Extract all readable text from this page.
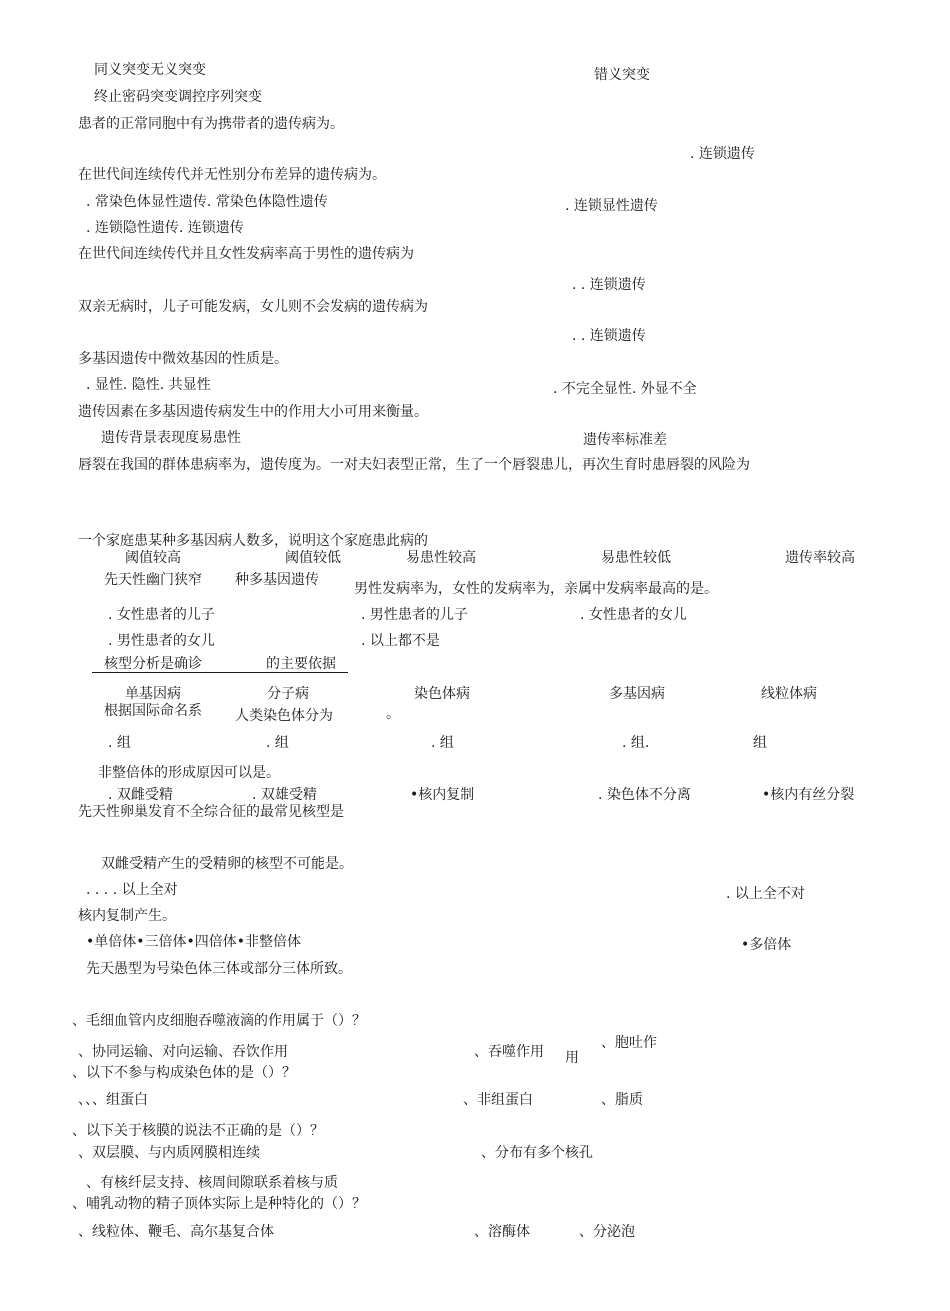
同义突变无义突变	错义突变
终止密码突变调控序列突变
患者的正常同胞中有为携带者的遗传病为。
. 连锁遗传
在世代间连续传代并无性别分布差异的遗传病为。
. 常染色体显性遗传. 常染色体隐性遗传	. 连锁显性遗传
. 连锁隐性遗传. 连锁遗传
在世代间连续传代并且女性发病率高于男性的遗传病为
. . 连锁遗传
双亲无病时，儿子可能发病，女儿则不会发病的遗传病为
. . 连锁遗传
多基因遗传中微效基因的性质是。
. 显性. 隐性. 共显性	. 不完全显性. 外显不全
遗传因素在多基因遗传病发生中的作用大小可用来衡量。
遗传背景表现度易患性	遗传率标准差
唇裂在我国的群体患病率为，遗传度为。一对夫妇表型正常，生了一个唇裂患儿，再次生育时患唇裂的风险为
一个家庭患某种多基因病人数多，说明这个家庭患此病的
阈值较高	阈值较低	易患性较高	易患性较低	遗传率较高
先天性幽门狭窄 种多基因遗传
男性发病率为，女性的发病率为，亲属中发病率最高的是。
. 女性患者的儿子	. 男性患者的儿子	. 女性患者的女儿
. 男性患者的女儿	. 以上都不是
核型分析是确诊	的主要依据
单基因病	分子病	染色体病	多基因病	线粒体病
根据国际命名系 人类染色体分为	。
. 组	. 组	. 组	. 组.	组
非整倍体的形成原因可以是。
. 双雌受精	. 双雄受精	•核内复制	. 染色体不分离	•核内有丝分裂
先天性卵巢发育不全综合征的最常见核型是
双雌受精产生的受精卵的核型不可能是。
. . . . 以上全对	. 以上全不对
核内复制产生。
•单倍体•三倍体•四倍体•非整倍体	•多倍体
先天愚型为号染色体三体或部分三体所致。
、毛细血管内皮细胞吞噬液滴的作用属于（）？
、协同运输、对向运输、吞饮作用	、吞噬作用
、胞吐作
用
、以下不参与构成染色体的是（）？
、、、组蛋白	、非组蛋白	、脂质
、以下关于核膜的说法不正确的是（）？
、双层膜、与内质网膜相连续	、分布有多个核孔
、有核纤层支持、核周间隙联系着核与质
、哺乳动物的精子顶体实际上是种特化的（）？
、线粒体、鞭毛、高尔基复合体	、溶酶体	、分泌泡
